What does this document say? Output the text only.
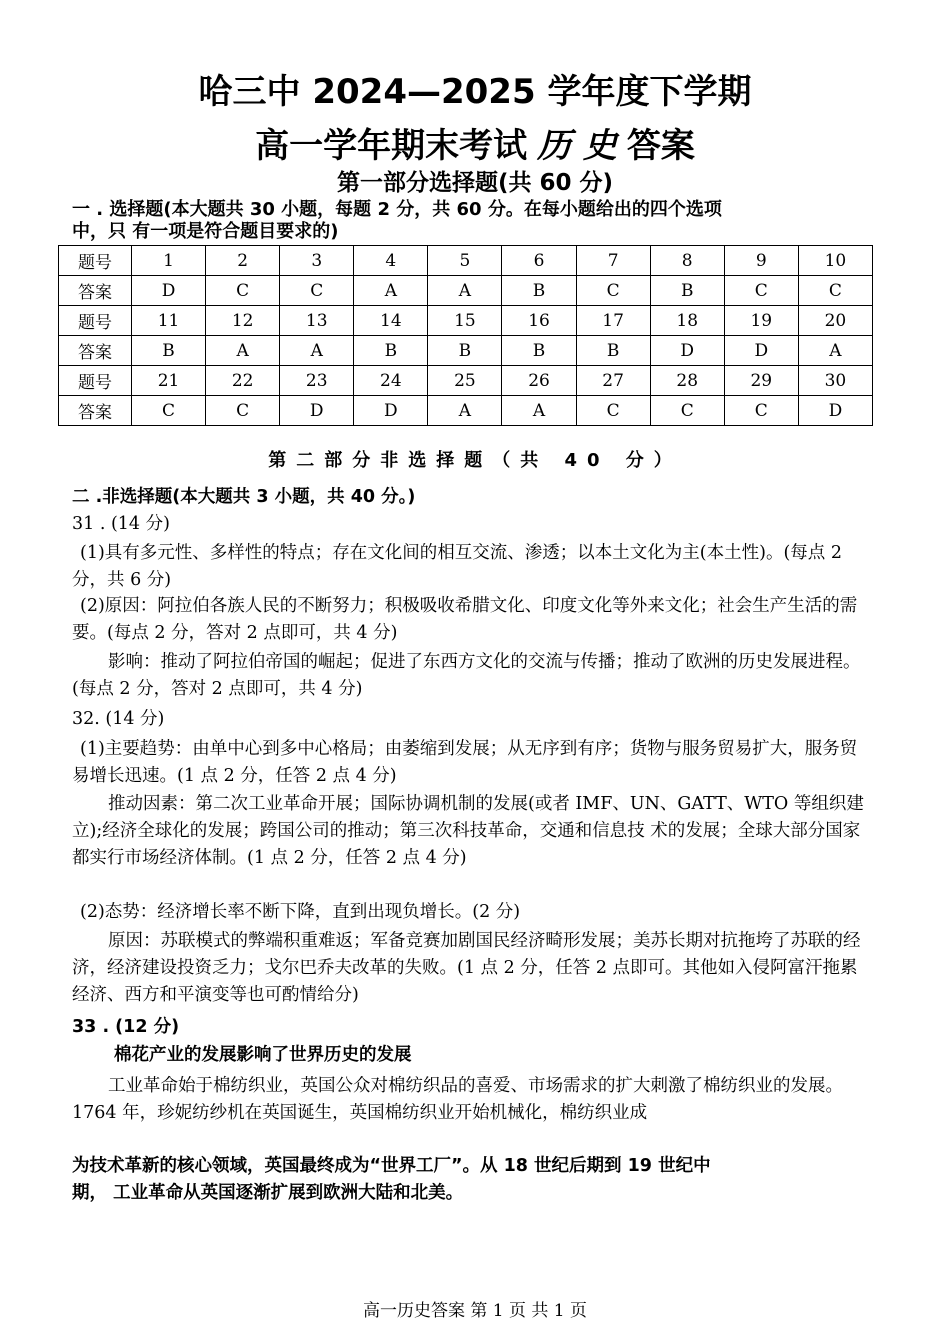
哈三中 2024—2025 学年度下学期
高一学年期末考试 历 史 答案
第一部分选择题(共 60 分)
一 . 选择题(本大题共 30 小题，每题 2 分，共 60 分。在每小题给出的四个选项
中，只 有一项是符合题目要求的)
题号	1	2	3	4	5	6	7	8	9	10
答案	D	C	C	A	A	B	C	B	C	C
题号	11	12	13	14	15	16	17	18	19	20
答案	B	A	A	B	B	B	B	D	D	A
题号	21	22	23	24	25	26	27	28	29	30
答案	C	C	D	D	A	A	C	C	C	D
第二部分非选择题（共 40 分）
二 .非选择题(本大题共 3 小题，共 40 分。)
31 . (14 分)
(1)具有多元性、多样性的特点；存在文化间的相互交流、渗透；以本土文化为主(本土性)。(每点 2 分，共 6 分)
(2)原因：阿拉伯各族人民的不断努力；积极吸收希腊文化、印度文化等外来文化；社会生产生活的需要。(每点 2 分，答对 2 点即可，共 4 分)
影响：推动了阿拉伯帝国的崛起；促进了东西方文化的交流与传播；推动了欧洲的历史发展进程。(每点 2 分，答对 2 点即可，共 4 分)
32. (14 分)
(1)主要趋势：由单中心到多中心格局；由萎缩到发展；从无序到有序；货物与服务贸易扩大，服务贸易增长迅速。(1 点 2 分，任答 2 点 4 分)
推动因素：第二次工业革命开展；国际协调机制的发展(或者 IMF、UN、GATT、WTO 等组织建立);经济全球化的发展；跨国公司的推动；第三次科技革命，交通和信息技 术的发展；全球大部分国家都实行市场经济体制。(1 点 2 分，任答 2 点 4 分)
(2)态势：经济增长率不断下降，直到出现负增长。(2 分)
原因：苏联模式的弊端积重难返；军备竞赛加剧国民经济畸形发展；美苏长期对抗拖垮了苏联的经济，经济建设投资乏力；戈尔巴乔夫改革的失败。(1 点 2 分，任答 2 点即可。其他如入侵阿富汗拖累经济、西方和平演变等也可酌情给分)
33 . (12 分)
棉花产业的发展影响了世界历史的发展
工业革命始于棉纺织业，英国公众对棉纺织品的喜爱、市场需求的扩大刺激了棉纺织业的发展。1764 年，珍妮纺纱机在英国诞生，英国棉纺织业开始机械化，棉纺织业成
为技术革新的核心领域，英国最终成为“世界工厂”。从 18 世纪后期到 19 世纪中
期， 工业革命从英国逐渐扩展到欧洲大陆和北美。
高一历史答案 第 1 页 共 1 页
